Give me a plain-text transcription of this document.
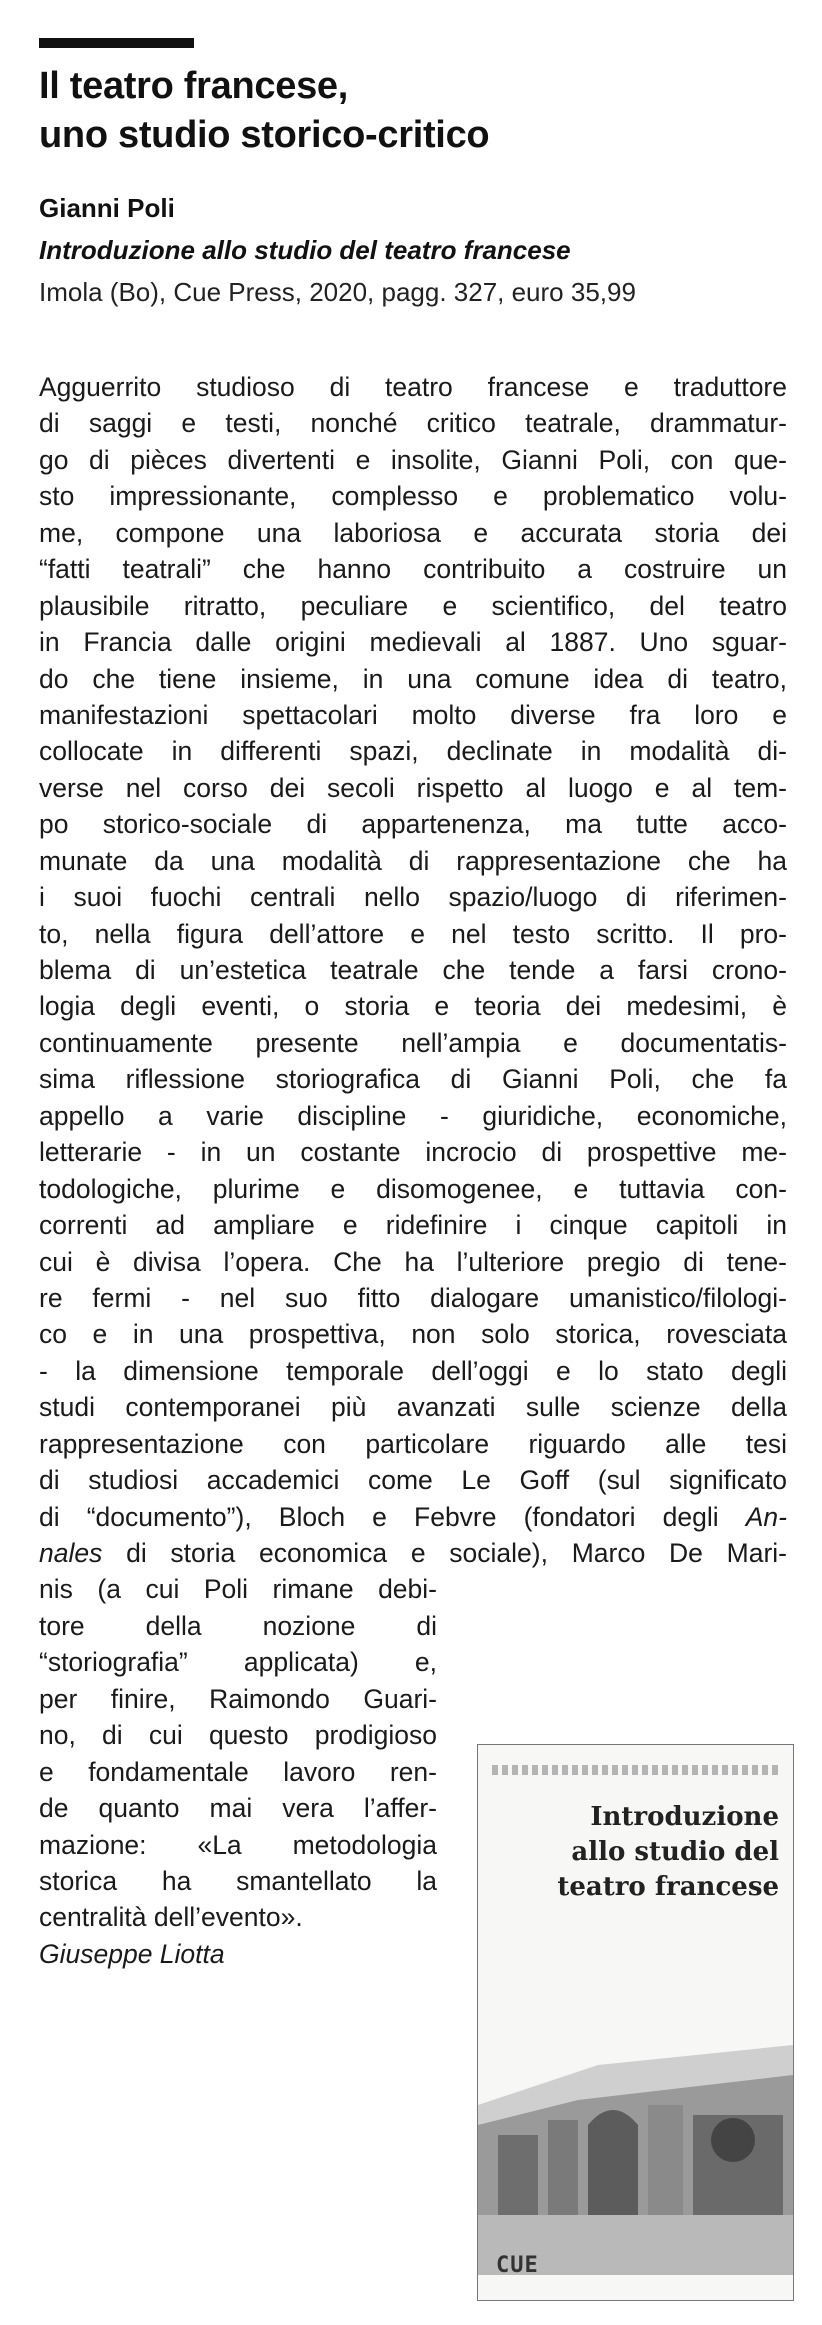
Il teatro francese,
uno studio storico-critico
Gianni Poli
Introduzione allo studio del teatro francese
Imola (Bo), Cue Press, 2020, pagg. 327, euro 35,99
Agguerrito studioso di teatro francese e traduttore
di saggi e testi, nonché critico teatrale, drammatur-
go di pièces divertenti e insolite, Gianni Poli, con que-
sto impressionante, complesso e problematico volu-
me, compone una laboriosa e accurata storia dei
“fatti teatrali” che hanno contribuito a costruire un
plausibile ritratto, peculiare e scientifico, del teatro
in Francia dalle origini medievali al 1887. Uno sguar-
do che tiene insieme, in una comune idea di teatro,
manifestazioni spettacolari molto diverse fra loro e
collocate in differenti spazi, declinate in modalità di-
verse nel corso dei secoli rispetto al luogo e al tem-
po storico-sociale di appartenenza, ma tutte acco-
munate da una modalità di rappresentazione che ha
i suoi fuochi centrali nello spazio/luogo di riferimen-
to, nella figura dell’attore e nel testo scritto. Il pro-
blema di un’estetica teatrale che tende a farsi crono-
logia degli eventi, o storia e teoria dei medesimi, è
continuamente presente nell’ampia e documentatis-
sima riflessione storiografica di Gianni Poli, che fa
appello a varie discipline - giuridiche, economiche,
letterarie - in un costante incrocio di prospettive me-
todologiche, plurime e disomogenee, e tuttavia con-
correnti ad ampliare e ridefinire i cinque capitoli in
cui è divisa l’opera. Che ha l’ulteriore pregio di tene-
re fermi - nel suo fitto dialogare umanistico/filologi-
co e in una prospettiva, non solo storica, rovesciata
- la dimensione temporale dell’oggi e lo stato degli
studi contemporanei più avanzati sulle scienze della
rappresentazione con particolare riguardo alle tesi
di studiosi accademici come Le Goff (sul significato
di “documento”), Bloch e Febvre (fondatori degli An-
nales di storia economica e sociale), Marco De Mari-
nis (a cui Poli rimane debi-
tore della nozione di
“storiografia” applicata) e,
per finire, Raimondo Guari-
no, di cui questo prodigioso
e fondamentale lavoro ren-
de quanto mai vera l’affer-
mazione: «La metodologia
storica ha smantellato la
centralità dell’evento».
Giuseppe Liotta
Introduzione
allo studio del
teatro francese
CUE
